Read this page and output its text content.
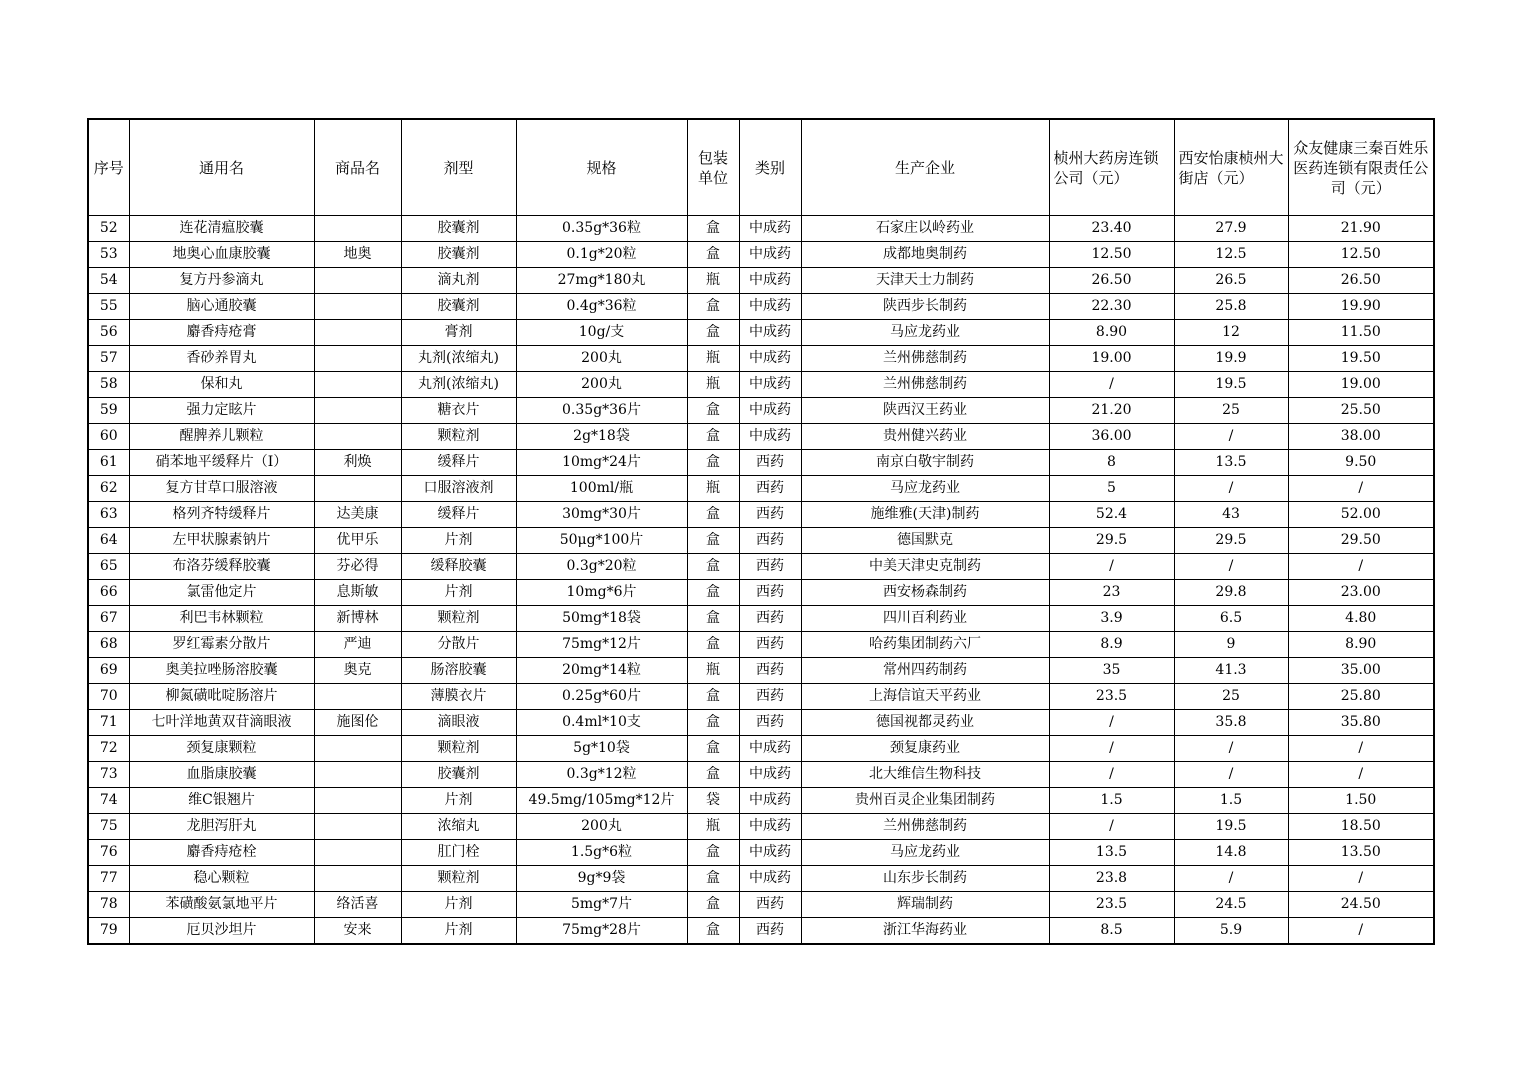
序号	通用名	商品名	剂型	规格	包装单位	类别	生产企业	桢州大药房连锁公司（元）	西安怡康桢州大街店（元）	众友健康三秦百姓乐医药连锁有限责任公司（元）
52	连花清瘟胶囊		胶囊剂	0.35g*36粒	盒	中成药	石家庄以岭药业	23.40	27.9	21.90
53	地奥心血康胶囊	地奥	胶囊剂	0.1g*20粒	盒	中成药	成都地奥制药	12.50	12.5	12.50
54	复方丹参滴丸		滴丸剂	27mg*180丸	瓶	中成药	天津天士力制药	26.50	26.5	26.50
55	脑心通胶囊		胶囊剂	0.4g*36粒	盒	中成药	陕西步长制药	22.30	25.8	19.90
56	麝香痔疮膏		膏剂	10g/支	盒	中成药	马应龙药业	8.90	12	11.50
57	香砂养胃丸		丸剂(浓缩丸)	200丸	瓶	中成药	兰州佛慈制药	19.00	19.9	19.50
58	保和丸		丸剂(浓缩丸)	200丸	瓶	中成药	兰州佛慈制药	/	19.5	19.00
59	强力定眩片		糖衣片	0.35g*36片	盒	中成药	陕西汉王药业	21.20	25	25.50
60	醒脾养儿颗粒		颗粒剂	2g*18袋	盒	中成药	贵州健兴药业	36.00	/	38.00
61	硝苯地平缓释片（Ⅰ）	利焕	缓释片	10mg*24片	盒	西药	南京白敬宇制药	8	13.5	9.50
62	复方甘草口服溶液		口服溶液剂	100ml/瓶	瓶	西药	马应龙药业	5	/	/
63	格列齐特缓释片	达美康	缓释片	30mg*30片	盒	西药	施维雅(天津)制药	52.4	43	52.00
64	左甲状腺素钠片	优甲乐	片剂	50μg*100片	盒	西药	德国默克	29.5	29.5	29.50
65	布洛芬缓释胶囊	芬必得	缓释胶囊	0.3g*20粒	盒	西药	中美天津史克制药	/	/	/
66	氯雷他定片	息斯敏	片剂	10mg*6片	盒	西药	西安杨森制药	23	29.8	23.00
67	利巴韦林颗粒	新博林	颗粒剂	50mg*18袋	盒	西药	四川百利药业	3.9	6.5	4.80
68	罗红霉素分散片	严迪	分散片	75mg*12片	盒	西药	哈药集团制药六厂	8.9	9	8.90
69	奥美拉唑肠溶胶囊	奥克	肠溶胶囊	20mg*14粒	瓶	西药	常州四药制药	35	41.3	35.00
70	柳氮磺吡啶肠溶片		薄膜衣片	0.25g*60片	盒	西药	上海信谊天平药业	23.5	25	25.80
71	七叶洋地黄双苷滴眼液	施图伦	滴眼液	0.4ml*10支	盒	西药	德国视都灵药业	/	35.8	35.80
72	颈复康颗粒		颗粒剂	5g*10袋	盒	中成药	颈复康药业	/	/	/
73	血脂康胶囊		胶囊剂	0.3g*12粒	盒	中成药	北大维信生物科技	/	/	/
74	维C银翘片		片剂	49.5mg/105mg*12片	袋	中成药	贵州百灵企业集团制药	1.5	1.5	1.50
75	龙胆泻肝丸		浓缩丸	200丸	瓶	中成药	兰州佛慈制药	/	19.5	18.50
76	麝香痔疮栓		肛门栓	1.5g*6粒	盒	中成药	马应龙药业	13.5	14.8	13.50
77	稳心颗粒		颗粒剂	9g*9袋	盒	中成药	山东步长制药	23.8	/	/
78	苯磺酸氨氯地平片	络活喜	片剂	5mg*7片	盒	西药	辉瑞制药	23.5	24.5	24.50
79	厄贝沙坦片	安来	片剂	75mg*28片	盒	西药	浙江华海药业	8.5	5.9	/
